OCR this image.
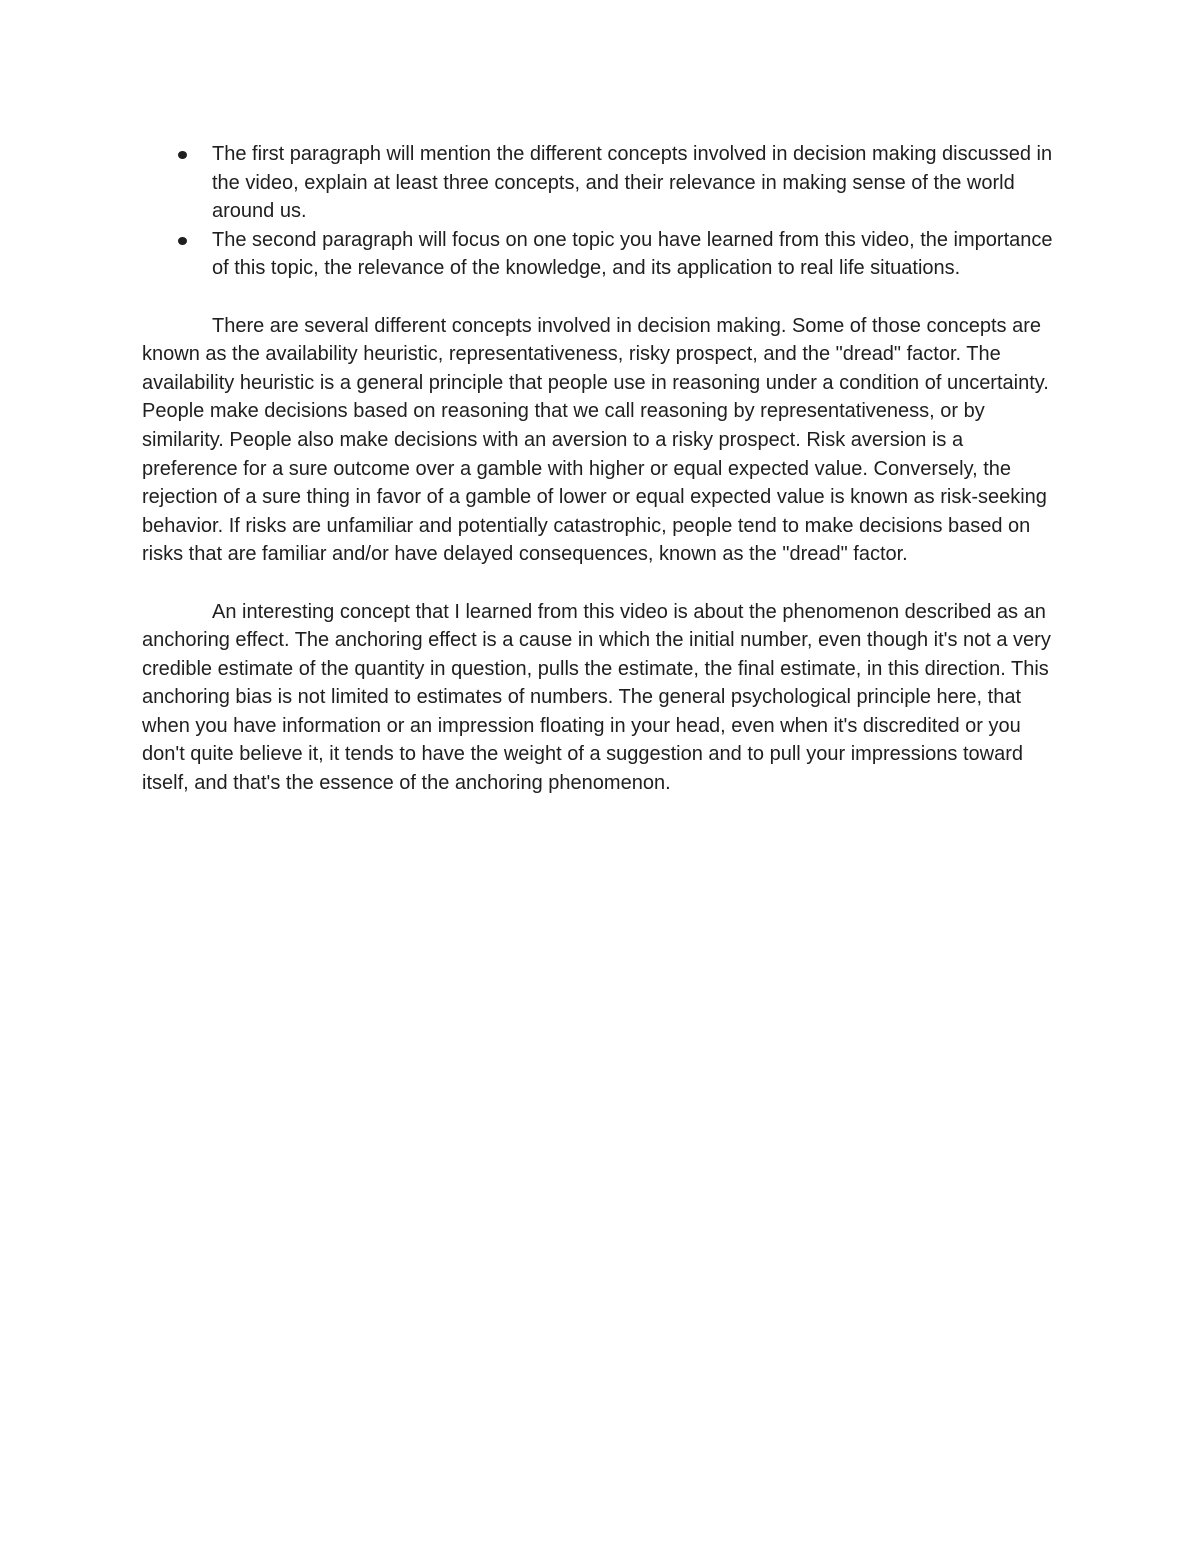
The first paragraph will mention the different concepts involved in decision making discussed in the video, explain at least three concepts, and their relevance in making sense of the world around us.
The second paragraph will focus on one topic you have learned from this video, the importance of this topic, the relevance of the knowledge, and its application to real life situations.

There are several different concepts involved in decision making. Some of those concepts are known as the availability heuristic, representativeness, risky prospect, and the "dread" factor. The availability heuristic is a general principle that people use in reasoning under a condition of uncertainty. People make decisions based on reasoning that we call reasoning by representativeness, or by similarity. People also make decisions with an aversion to a risky prospect. Risk aversion is a preference for a sure outcome over a gamble with higher or equal expected value. Conversely, the rejection of a sure thing in favor of a gamble of lower or equal expected value is known as risk-seeking behavior. If risks are unfamiliar and potentially catastrophic, people tend to make decisions based on risks that are familiar and/or have delayed consequences, known as the "dread" factor.

An interesting concept that I learned from this video is about the phenomenon described as an anchoring effect. The anchoring effect is a cause in which the initial number, even though it's not a very credible estimate of the quantity in question, pulls the estimate, the final estimate, in this direction. This anchoring bias is not limited to estimates of numbers. The general psychological principle here, that when you have information or an impression floating in your head, even when it's discredited or you don't quite believe it, it tends to have the weight of a suggestion and to pull your impressions toward itself, and that's the essence of the anchoring phenomenon.
